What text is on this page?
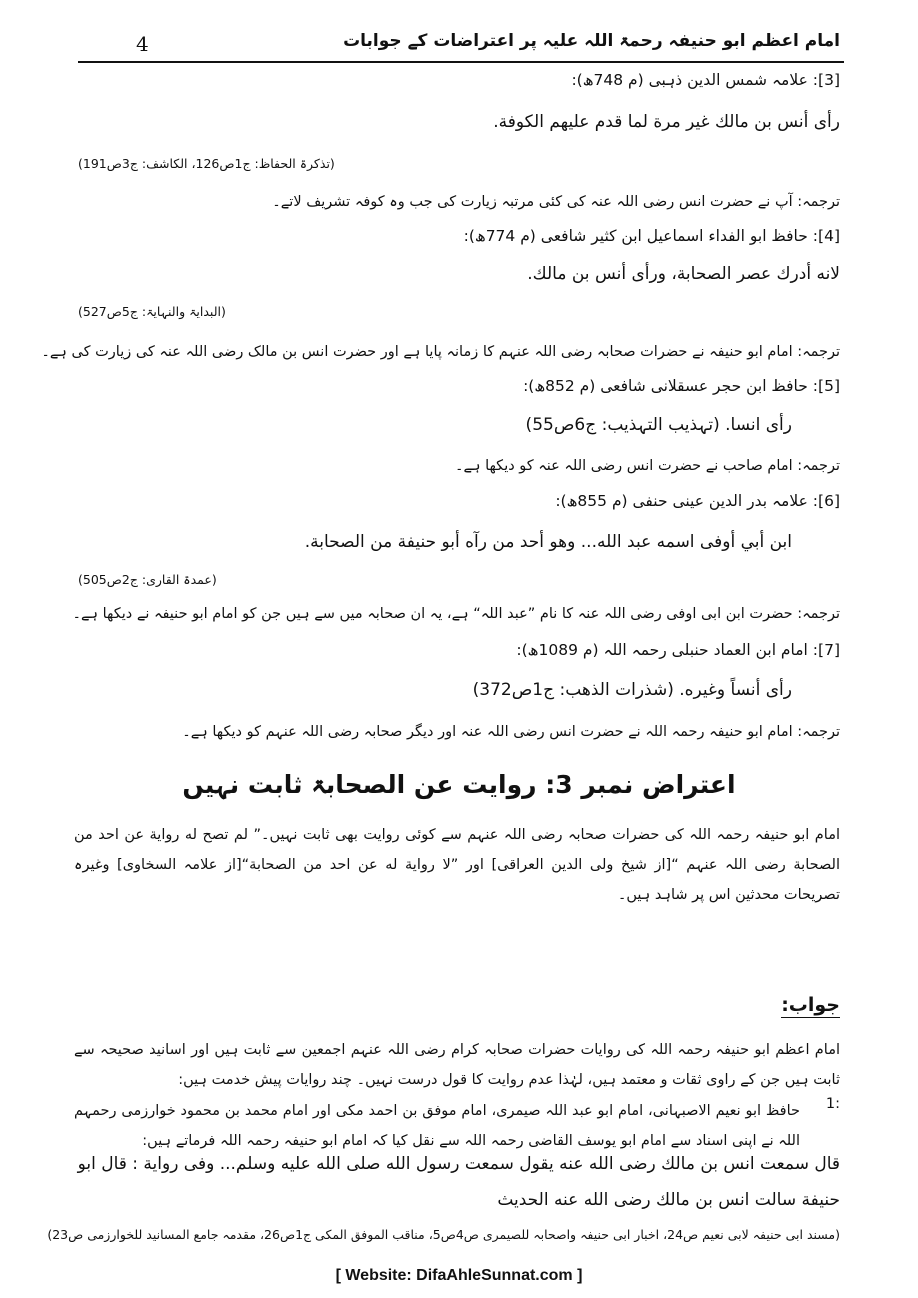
4	امام اعظم ابو حنیفہ رحمۃ اللہ علیہ پر اعتراضات کے جوابات
[3]: علامہ شمس الدین ذہبی (م 748ھ):
رأی أنس بن مالك غير مرة لما قدم عليهم الكوفة.
(تذکرۃ الحفاظ: ج1ص126، الکاشف: ج3ص191)
ترجمہ: آپ نے حضرت انس رضی اللہ عنہ کی کئی مرتبہ زیارت کی جب وہ کوفہ تشریف لاتے۔
[4]: حافظ ابو الفداء اسماعیل ابن کثیر شافعی (م 774ھ):
لانه أدرك عصر الصحابة، ورأى أنس بن مالك.
(البدایۃ والنہایۃ: ج5ص527)
ترجمہ: امام ابو حنیفہ نے حضرات صحابہ رضی اللہ عنہم کا زمانہ پایا ہے اور حضرت انس بن مالک رضی اللہ عنہ کی زیارت کی ہے۔
[5]: حافظ ابن حجر عسقلانی شافعی (م 852ھ):
رأی انسا. (تہذیب التہذیب: ج6ص55)
ترجمہ: امام صاحب نے حضرت انس رضی اللہ عنہ کو دیکھا ہے۔
[6]: علامہ بدر الدین عینی حنفی (م 855ھ):
ابن أبي أوفى اسمه عبد الله... وهو أحد من رآه أبو حنيفة من الصحابة.
(عمدۃ القاری: ج2ص505)
ترجمہ: حضرت ابن ابی اوفی رضی اللہ عنہ کا نام ”عبد اللہ“ ہے، یہ ان صحابہ میں سے ہیں جن کو امام ابو حنیفہ نے دیکھا ہے۔
[7]: امام ابن العماد حنبلی رحمہ اللہ (م 1089ھ):
رأى أنساً وغيره. (شذرات الذهب: ج1ص372)
ترجمہ: امام ابو حنیفہ رحمہ اللہ نے حضرت انس رضی اللہ عنہ اور دیگر صحابہ رضی اللہ عنہم کو دیکھا ہے۔
اعتراض نمبر 3: روایت عن الصحابۃ ثابت نہیں
امام ابو حنیفہ رحمہ اللہ کی حضرات صحابہ رضی اللہ عنہم سے کوئی روایت بھی ثابت نہیں۔” لم تصح له رواية عن احد من الصحابة رضی اللہ عنہم “[از شیخ ولی الدین العراقی] اور ”لا رواية له عن احد من الصحابة“[از علامہ السخاوی] وغیرہ تصریحات محدثین اس پر شاہد ہیں۔
جواب:
امام اعظم ابو حنیفہ رحمہ اللہ کی روایات حضرات صحابہ کرام رضی اللہ عنہم اجمعین سے ثابت ہیں اور اسانید صحیحہ سے ثابت ہیں جن کے راوی ثقات و معتمد ہیں، لہٰذا عدم روایت کا قول درست نہیں۔ چند روایات پیش خدمت ہیں:
1:
حافظ ابو نعیم الاصبہانی، امام ابو عبد اللہ صیمری، امام موفق بن احمد مکی اور امام محمد بن محمود خوارزمی رحمہم اللہ نے اپنی اسناد سے امام ابو یوسف القاضی رحمہ اللہ سے نقل کیا کہ امام ابو حنیفہ رحمہ اللہ فرماتے ہیں:
قال سمعت انس بن مالك رضی الله عنه يقول سمعت رسول الله صلی الله علیه وسلم... وفی رواية : قال ابو حنيفة سالت انس بن مالك رضی الله عنه الحديث
(مسند ابی حنیفہ لابی نعیم ص24، اخبار ابی حنیفہ واصحابہ للصیمری ص4ص5، مناقب الموفق المکی ج1ص26، مقدمہ جامع المسانید للخوارزمی ص23)
[ Website: DifaAhleSunnat.com ]
